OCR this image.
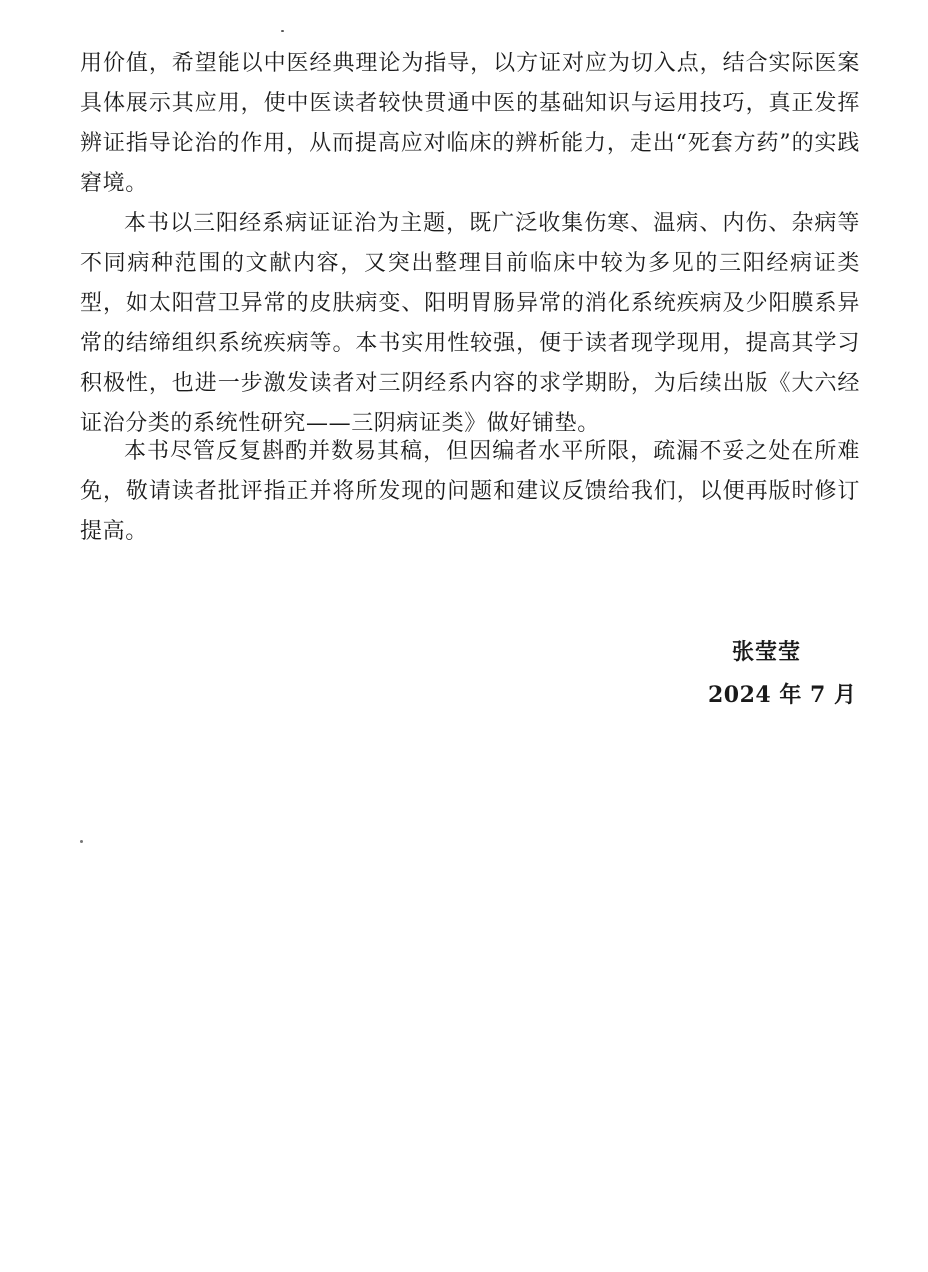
用价值，希望能以中医经典理论为指导，以方证对应为切入点，结合实际医案具体展示其应用，使中医读者较快贯通中医的基础知识与运用技巧，真正发挥辨证指导论治的作用，从而提高应对临床的辨析能力，走出“死套方药”的实践窘境。

本书以三阳经系病证证治为主题，既广泛收集伤寒、温病、内伤、杂病等不同病种范围的文献内容，又突出整理目前临床中较为多见的三阳经病证类型，如太阳营卫异常的皮肤病变、阳明胃肠异常的消化系统疾病及少阳膜系异常的结缔组织系统疾病等。本书实用性较强，便于读者现学现用，提高其学习积极性，也进一步激发读者对三阴经系内容的求学期盼，为后续出版《大六经证治分类的系统性研究——三阴病证类》做好铺垫。

本书尽管反复斟酌并数易其稿，但因编者水平所限，疏漏不妥之处在所难免，敬请读者批评指正并将所发现的问题和建议反馈给我们，以便再版时修订提高。

张莹莹
2024 年 7 月
